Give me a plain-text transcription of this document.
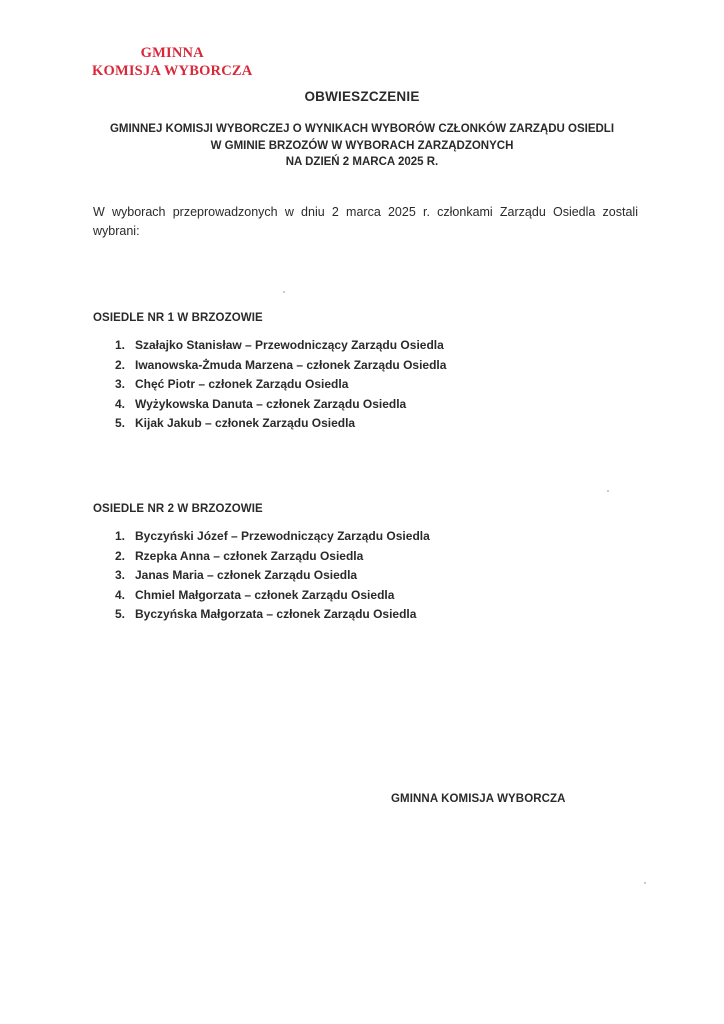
GMINNA
KOMISJA WYBORCZA
OBWIESZCZENIE
GMINNEJ KOMISJI WYBORCZEJ O WYNIKACH WYBORÓW CZŁONKÓW ZARZĄDU OSIEDLI
W GMINIE BRZOZÓW W WYBORACH ZARZĄDZONYCH
NA DZIEŃ 2 MARCA 2025 R.

W wyborach przeprowadzonych w dniu 2 marca 2025 r. członkami Zarządu Osiedla zostali wybrani:

OSIEDLE NR 1 W BRZOZOWIE
1. Szałajko Stanisław – Przewodniczący Zarządu Osiedla
2. Iwanowska-Żmuda Marzena – członek Zarządu Osiedla
3. Chęć Piotr – członek Zarządu Osiedla
4. Wyżykowska Danuta – członek Zarządu Osiedla
5. Kijak Jakub – członek Zarządu Osiedla
OSIEDLE NR 2 W BRZOZOWIE
1. Byczyński Józef – Przewodniczący Zarządu Osiedla
2. Rzepka Anna – członek Zarządu Osiedla
3. Janas Maria – członek Zarządu Osiedla
4. Chmiel Małgorzata – członek Zarządu Osiedla
5. Byczyńska Małgorzata – członek Zarządu Osiedla
GMINNA KOMISJA WYBORCZA
